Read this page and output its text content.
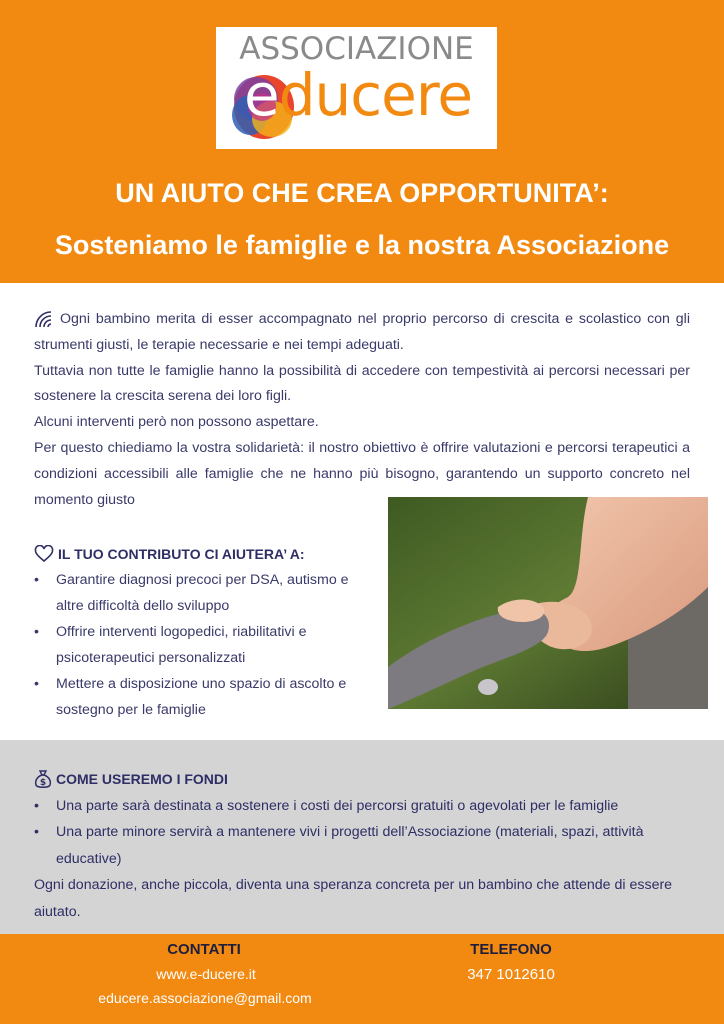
ASSOCIAZIONE
educere
UN AIUTO CHE CREA OPPORTUNITA’:
Sosteniamo le famiglie e la nostra Associazione

Ogni bambino merita di esser accompagnato nel proprio percorso di crescita e scolastico con gli strumenti giusti, le terapie necessarie e nei tempi adeguati.

Tuttavia non tutte le famiglie hanno la possibilità di accedere con tempestività ai percorsi necessari per sostenere la crescita serena dei loro figli.

Alcuni interventi però non possono aspettare.

Per questo chiediamo la vostra solidarietà: il nostro obiettivo è offrire valutazioni e percorsi terapeutici a condizioni accessibili alle famiglie che ne hanno più bisogno, garantendo un supporto concreto nel momento giusto

IL TUO CONTRIBUTO CI AIUTERA’ A:

• Garantire diagnosi precoci per DSA, autismo e altre difficoltà dello sviluppo

• Offrire interventi logopedici, riabilitativi e psicoterapeutici personalizzati

• Mettere a disposizione uno spazio di ascolto e sostegno per le famiglie

$ COME USEREMO I FONDI

• Una parte sarà destinata a sostenere i costi dei percorsi gratuiti o agevolati per le famiglie

• Una parte minore servirà a mantenere vivi i progetti dell’Associazione (materiali, spazi, attività educative)

Ogni donazione, anche piccola, diventa una speranza concreta per un bambino che attende di essere aiutato.

CONTATTI
www.e-ducere.it
educere.associazione@gmail.com
TELEFONO
347 1012610
